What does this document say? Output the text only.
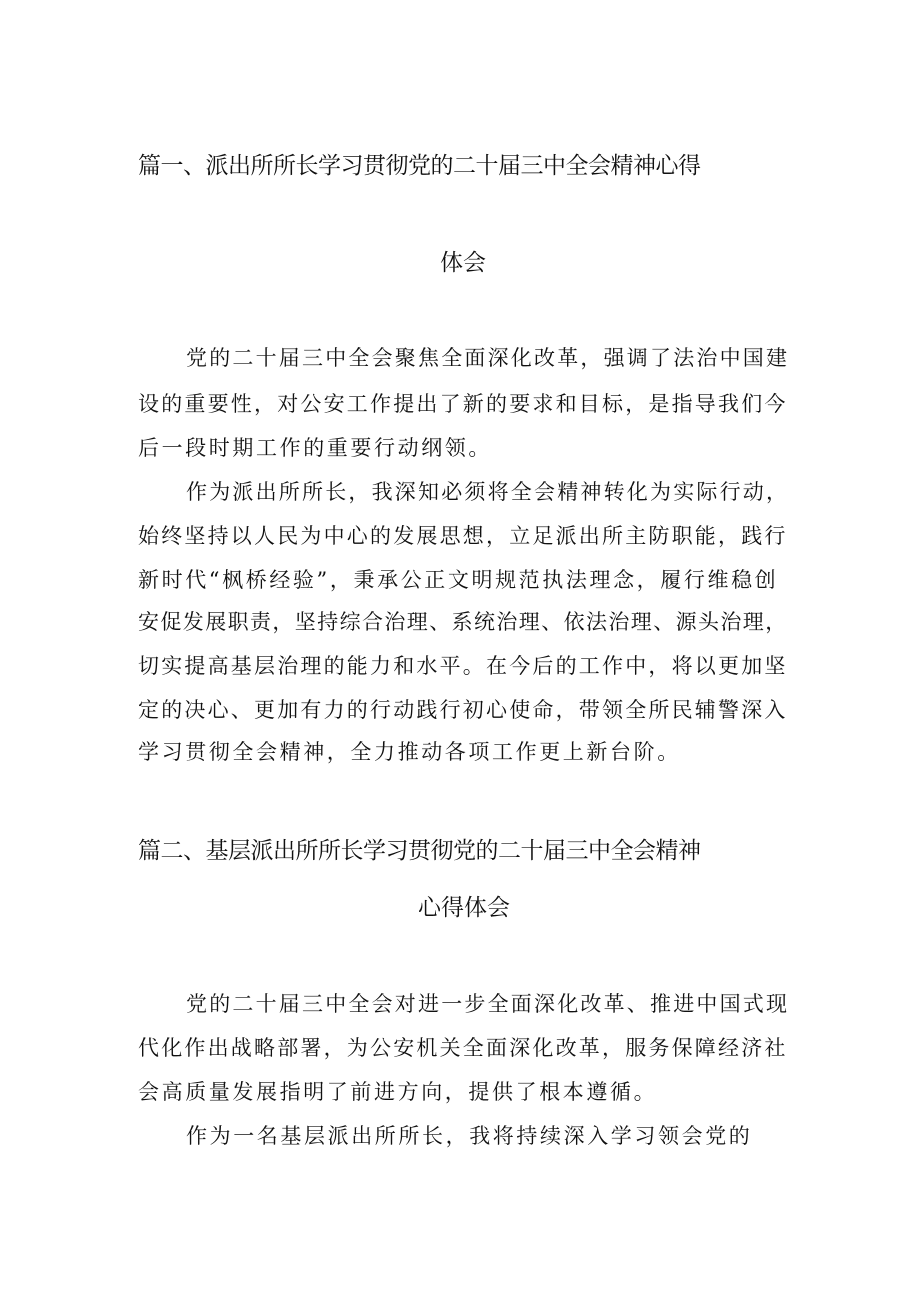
篇一、派出所所长学习贯彻党的二十届三中全会精神心得
体会

党的二十届三中全会聚焦全面深化改革，强调了法治中国建

设的重要性，对公安工作提出了新的要求和目标，是指导我们今

后一段时期工作的重要行动纲领。

作为派出所所长，我深知必须将全会精神转化为实际行动，

始终坚持以人民为中心的发展思想，立足派出所主防职能，践行

新时代“枫桥经验”，秉承公正文明规范执法理念，履行维稳创

安促发展职责，坚持综合治理、系统治理、依法治理、源头治理，

切实提高基层治理的能力和水平。在今后的工作中，将以更加坚

定的决心、更加有力的行动践行初心使命，带领全所民辅警深入

学习贯彻全会精神，全力推动各项工作更上新台阶。

篇二、基层派出所所长学习贯彻党的二十届三中全会精神
心得体会

党的二十届三中全会对进一步全面深化改革、推进中国式现

代化作出战略部署，为公安机关全面深化改革，服务保障经济社

会高质量发展指明了前进方向，提供了根本遵循。

作为一名基层派出所所长，我将持续深入学习领会党的
